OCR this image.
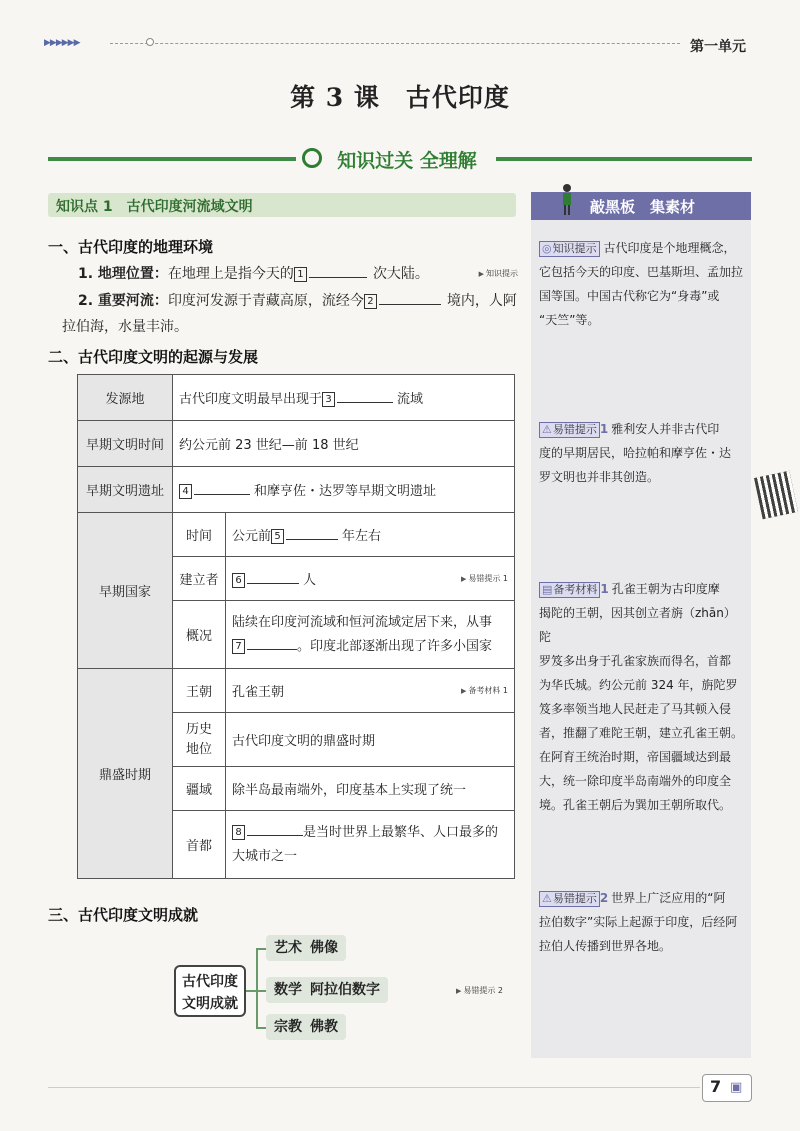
▶▶▶▶▶▶	第一单元
第 3 课　古代印度
知识过关 全理解
知识点 1　古代印度河流域文明
一、古代印度的地理环境
1. 地理位置：在地理上是指今天的 1	次大陆。	▶ 知识提示
2. 重要河流：印度河发源于青藏高原，流经今 2	境内，人阿
拉伯海，水量丰沛。
二、古代印度文明的起源与发展
发源地	古代印度文明最早出现于 3 流域	
早期文明时间	约公元前 23 世纪—前 18 世纪	
早期文明遗址	4 和摩亨佐・达罗等早期文明遗址	
早期国家	时间	公元前 5 年左右
	建立者	6 人 ▶ 易错提示 1

	概况	陆续在印度河流域和恒河流域定居下来，从事
7 。印度北部逐渐出现了许多小国家
鼎盛时期	王朝	孔雀王朝 ▶ 备考材料 1

	历史
地位	古代印度文明的鼎盛时期
	疆域	除半岛最南端外，印度基本上实现了统一
	首都	8 是当时世界上最繁华、人口最多的
大城市之一
三、古代印度文明成就
古代印度
文明成就
艺术 佛像
数学 阿拉伯数字
宗教 佛教
▶ 易错提示 2
敲黑板　集素材
◎知识提示 古代印度是个地理概念，
它包括今天的印度、巴基斯坦、孟加拉
国等国。中国古代称它为“身毒”或
“天竺”等。
⚠易错提示 1 雅利安人并非古代印
度的早期居民，哈拉帕和摩亨佐・达
罗文明也并非其创造。
▤备考材料 1 孔雀王朝为古印度摩
揭陀的王朝，因其创立者旃（zhān）陀
罗笈多出身于孔雀家族而得名，首都
为华氏城。约公元前 324 年，旃陀罗
笈多率领当地人民赶走了马其顿入侵
者，推翻了难陀王朝，建立孔雀王朝。
在阿育王统治时期，帝国疆域达到最
大，统一除印度半岛南端外的印度全
境。孔雀王朝后为巽加王朝所取代。
⚠易错提示 2 世界上广泛应用的“阿
拉伯数字”实际上起源于印度，后经阿
拉伯人传播到世界各地。
7 ▣
